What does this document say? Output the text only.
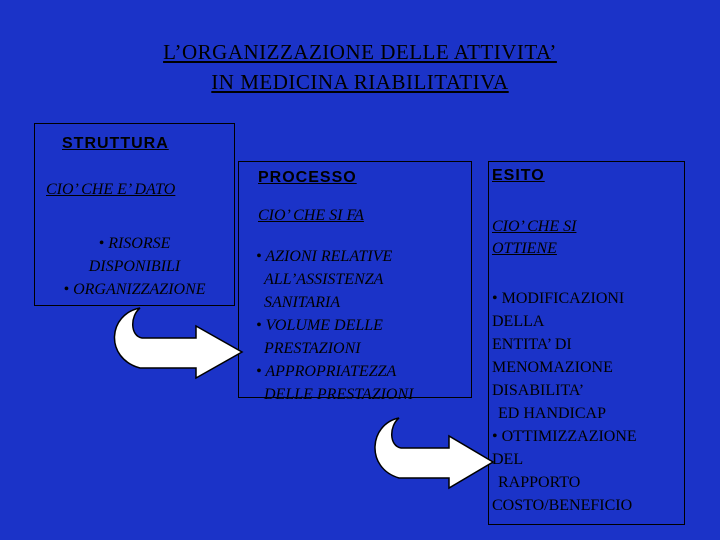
L’ORGANIZZAZIONE DELLE ATTIVITA’
IN MEDICINA RIABILITATIVA
STRUTTURA
CIO’ CHE E’ DATO
• RISORSE
DISPONIBILI
• ORGANIZZAZIONE
PROCESSO
CIO’ CHE SI FA
• AZIONI RELATIVE
ALL’ASSISTENZA
SANITARIA
• VOLUME DELLE
PRESTAZIONI
• APPROPRIATEZZA
DELLE PRESTAZIONI
ESITO
CIO’ CHE SI
OTTIENE
• MODIFICAZIONI
DELLA
ENTITA’ DI
MENOMAZIONE
DISABILITA’
ED HANDICAP
• OTTIMIZZAZIONE
DEL
RAPPORTO
COSTO/BENEFICIO
